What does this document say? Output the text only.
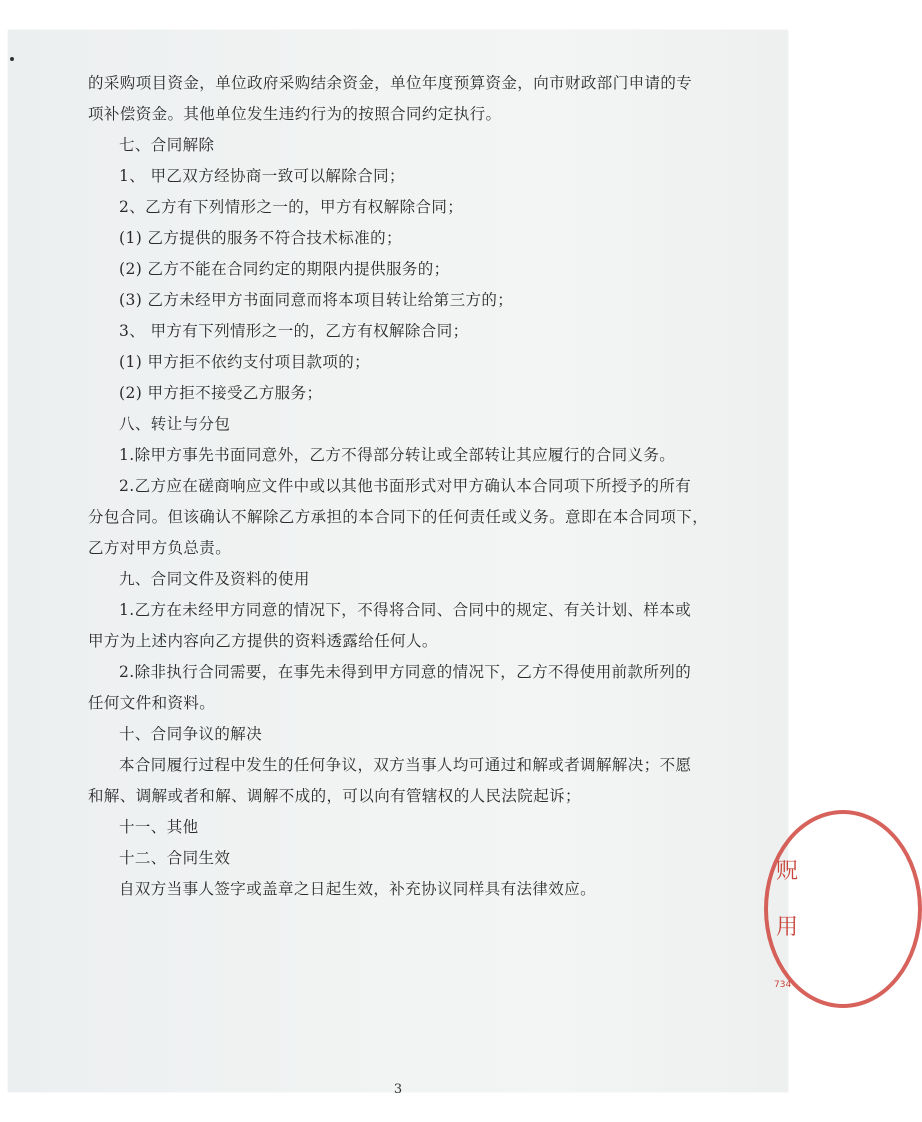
的采购项目资金，单位政府采购结余资金，单位年度预算资金，向市财政部门申请的专
项补偿资金。其他单位发生违约行为的按照合同约定执行。
七、合同解除
1、 甲乙双方经协商一致可以解除合同；
2、乙方有下列情形之一的，甲方有权解除合同；
(1) 乙方提供的服务不符合技术标准的；
(2) 乙方不能在合同约定的期限内提供服务的；
(3) 乙方未经甲方书面同意而将本项目转让给第三方的；
3、 甲方有下列情形之一的，乙方有权解除合同；
(1) 甲方拒不依约支付项目款项的；
(2) 甲方拒不接受乙方服务；
八、转让与分包
1.除甲方事先书面同意外，乙方不得部分转让或全部转让其应履行的合同义务。
2.乙方应在磋商响应文件中或以其他书面形式对甲方确认本合同项下所授予的所有
分包合同。但该确认不解除乙方承担的本合同下的任何责任或义务。意即在本合同项下，
乙方对甲方负总责。
九、合同文件及资料的使用
1.乙方在未经甲方同意的情况下，不得将合同、合同中的规定、有关计划、样本或
甲方为上述内容向乙方提供的资料透露给任何人。
2.除非执行合同需要，在事先未得到甲方同意的情况下，乙方不得使用前款所列的
任何文件和资料。
十、合同争议的解决
本合同履行过程中发生的任何争议，双方当事人均可通过和解或者调解解决；不愿
和解、调解或者和解、调解不成的，可以向有管辖权的人民法院起诉；
十一、其他
十二、合同生效
自双方当事人签字或盖章之日起生效，补充协议同样具有法律效应。
3
贶
用
734
